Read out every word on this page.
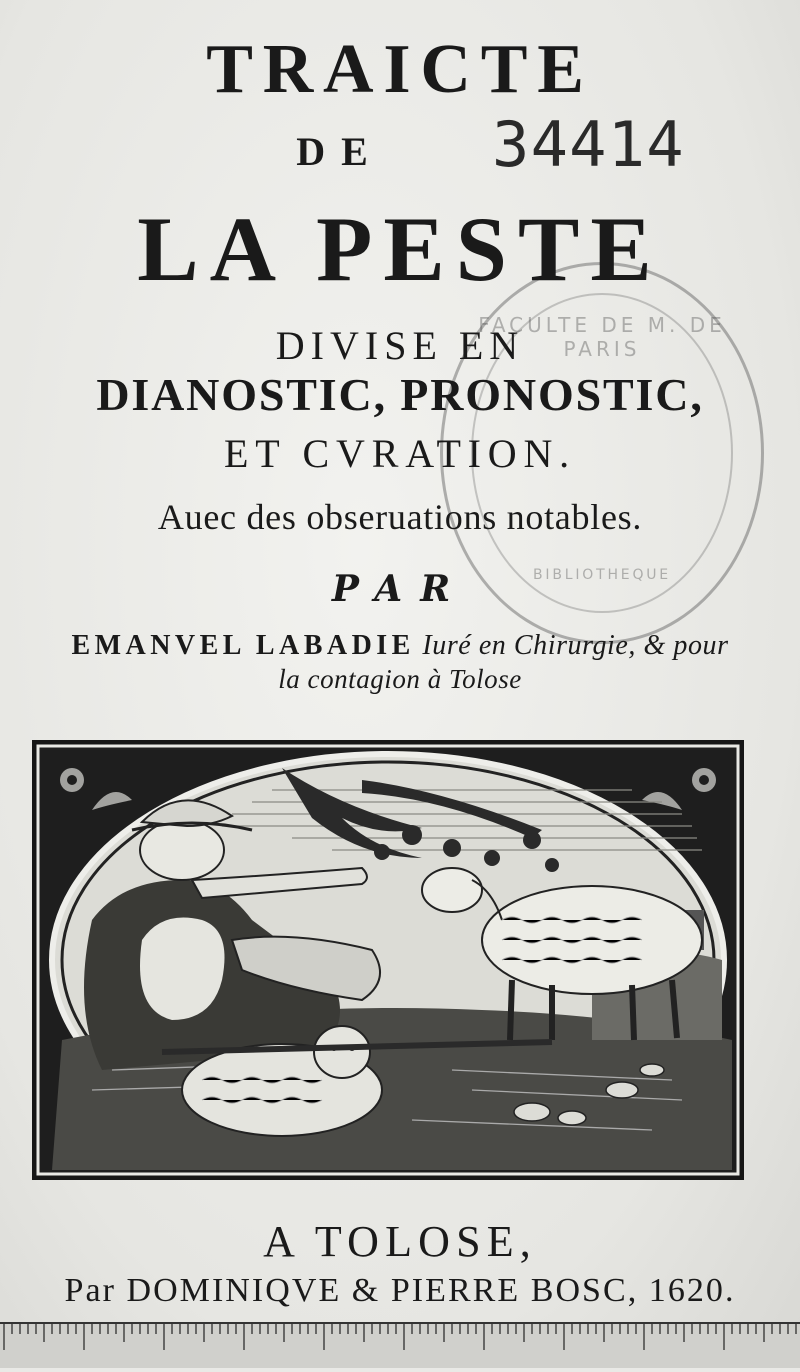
FACULTE DE M. DE PARIS
BIBLIOTHEQUE
TRAICTE
DE	34414
LA PESTE
DIVISE EN
DIANOSTIC, PRONOSTIC,
ET CVRATION.
Auec des obseruations notables.
PAR
EMANVEL LABADIE Iuré en Chirurgie, & pour
la contagion à Tolose
A TOLOSE,
Par DOMINIQVE & PIERRE BOSC, 1620.
